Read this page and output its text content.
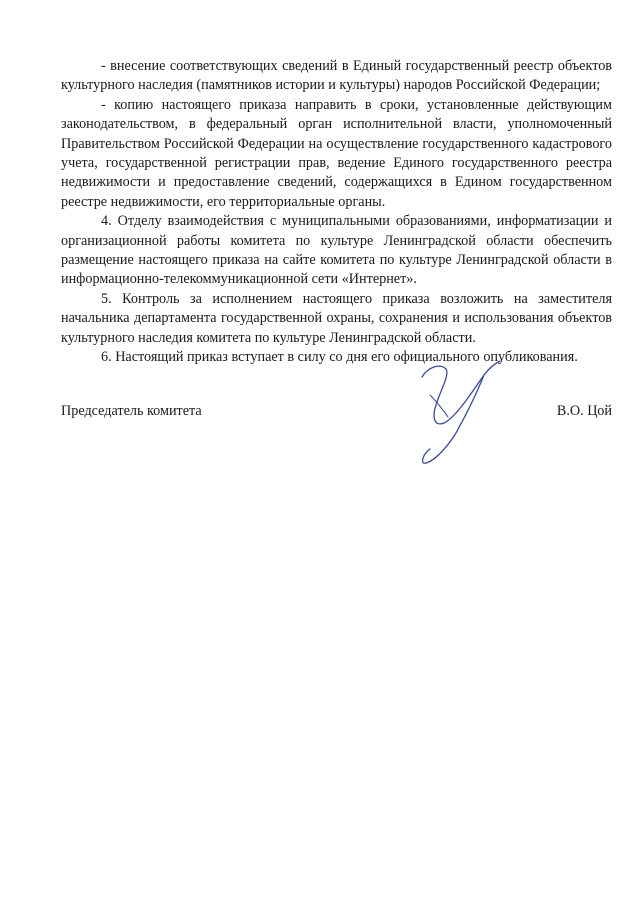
- внесение соответствующих сведений в Единый государственный реестр объектов культурного наследия (памятников истории и культуры) народов Российской Федерации;

- копию настоящего приказа направить в сроки, установленные действующим законодательством, в федеральный орган исполнительной власти, уполномоченный Правительством Российской Федерации на осуществление государственного кадастрового учета, государственной регистрации прав, ведение Единого государственного реестра недвижимости и предоставление сведений, содержащихся в Едином государственном реестре недвижимости, его территориальные органы.

4. Отделу взаимодействия с муниципальными образованиями, информатизации и организационной работы комитета по культуре Ленинградской области обеспечить размещение настоящего приказа на сайте комитета по культуре Ленинградской области в информационно-телекоммуникационной сети «Интернет».

5. Контроль за исполнением настоящего приказа возложить на заместителя начальника департамента государственной охраны, сохранения и использования объектов культурного наследия комитета по культуре Ленинградской области.

6. Настоящий приказ вступает в силу со дня его официального опубликования.

Председатель комитета	В.О. Цой
